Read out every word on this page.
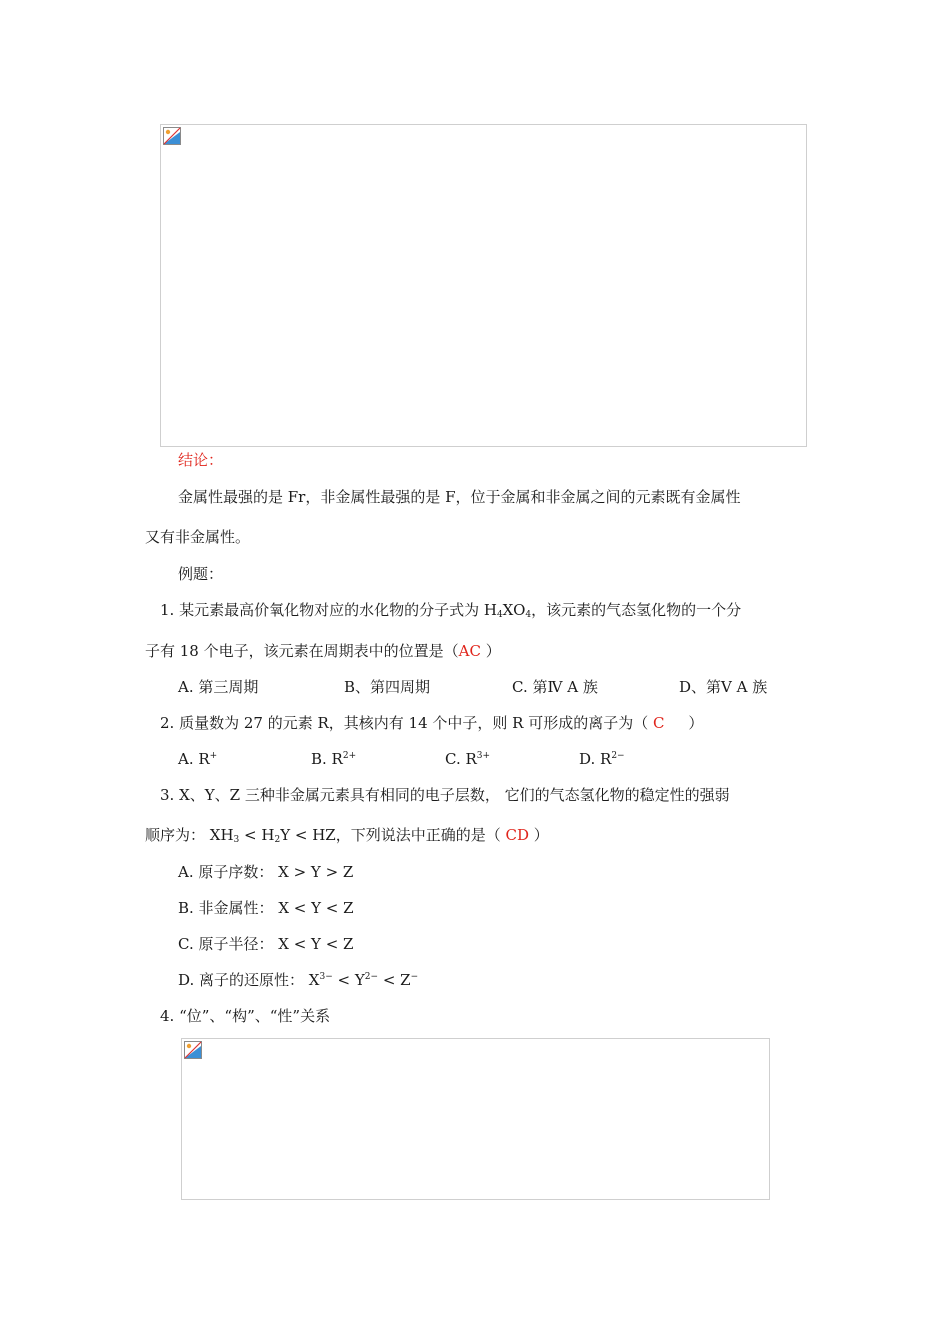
结论：
金属性最强的是 Fr，非金属性最强的是 F，位于金属和非金属之间的元素既有金属性
又有非金属性。
例题：
1. 某元素最高价氧化物对应的水化物的分子式为 $H_4XO_4$，该元素的气态氢化物的一个分
子有 18 个电子，该元素在周期表中的位置是（AC ）
A. 第三周期	B、第四周期	C. 第Ⅳ A 族	D、第Ⅴ A 族
2. 质量数为 27 的元素 R，其核内有 14 个中子，则 R 可形成的离子为（ C     ）
A. R+	B. $R^{2+}$	C. $R^{3+}$	D. $R^{2-}$
3. X、Y、Z 三种非金属元素具有相同的电子层数， 它们的气态氢化物的稳定性的强弱
顺序为： $XH_3 < H_2Y$ < HZ，下列说法中正确的是（ CD ）
A. 原子序数： X > Y > Z
B. 非金属性： X < Y < Z
C. 原子半径： X < Y < Z
D. 离子的还原性： $X^{3-} < Y^{2-} < Z^-$
4. “位”、“构”、“性”关系
